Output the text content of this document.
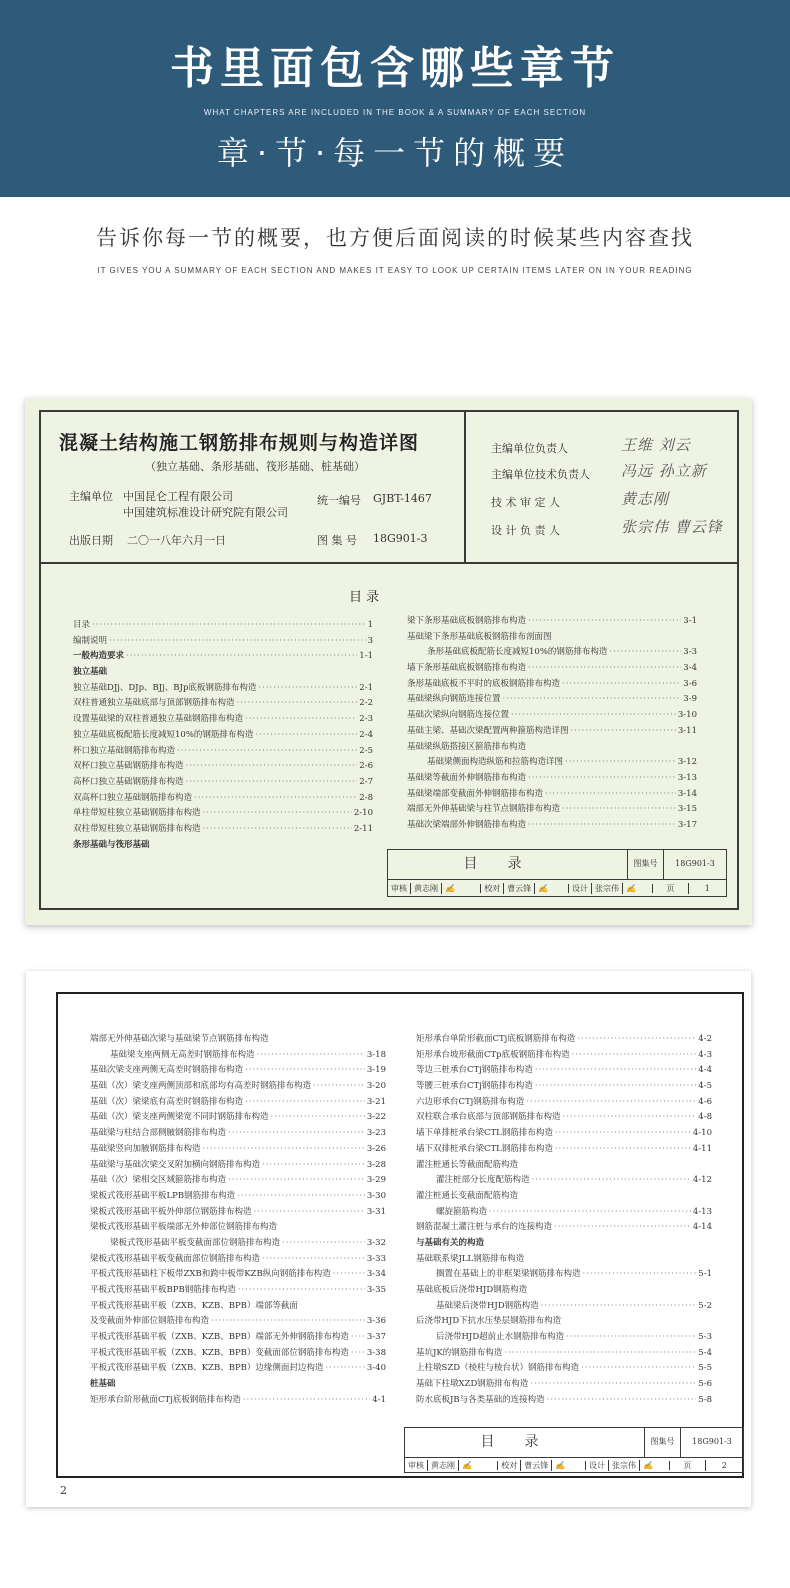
书里面包含哪些章节
WHAT CHAPTERS ARE INCLUDED IN THE BOOK & A SUMMARY OF EACH SECTION
章·节·每一节的概要
告诉你每一节的概要，也方便后面阅读的时候某些内容查找
IT GIVES YOU A SUMMARY OF EACH SECTION AND MAKES IT EASY TO LOOK UP CERTAIN ITEMS LATER ON IN YOUR READING
混凝土结构施工钢筋排布规则与构造详图
（独立基础、条形基础、筏形基础、桩基础）
主编单位 中国昆仑工程有限公司
中国建筑标准设计研究院有限公司
统一编号 GJBT-1467
出版日期 二〇一八年六月一日	图 集 号 18G901-3
主编单位负责人	王维 刘云
主编单位技术负责人 冯远 孙立新
技 术 审 定 人	黄志刚
设 计 负 责 人	张宗伟 曹云锋
目 录
目录 ·····	1
编制说明 ·····	3
一般构造要求 ·····	1-1
独立基础
独立基础DJj、DJp、BJj、BJp底板钢筋排布构造 ·····	2-1
双柱普通独立基础底部与顶部钢筋排布构造 ·····	2-2
设置基础梁的双柱普通独立基础钢筋排布构造 ·····	2-3
独立基础底板配筋长度减短10%的钢筋排布构造 ·····	2-4
杯口独立基础钢筋排布构造 ·····	2-5
双杯口独立基础钢筋排布构造 ·····	2-6
高杯口独立基础钢筋排布构造 ·····	2-7
双高杯口独立基础钢筋排布构造 ·····	2-8
单柱带短柱独立基础钢筋排布构造 ·····	2-10
双柱带短柱独立基础钢筋排布构造 ·····	2-11
条形基础与筏形基础
梁下条形基础底板钢筋排布构造 ·····	3-1
基础梁下条形基础底板钢筋排布剖面图
条形基础底板配筋长度减短10%的钢筋排布构造 ·····	3-3
墙下条形基础底板钢筋排布构造 ·····	3-4
条形基础底板不平时的底板钢筋排布构造 ·····	3-6
基础梁纵向钢筋连接位置 ·····	3-9
基础次梁纵向钢筋连接位置 ·····	3-10
基础主梁、基础次梁配置两种箍筋构造详图 ·····	3-11
基础梁纵筋搭接区箍筋排布构造
基础梁侧面构造纵筋和拉筋构造详图 ·····	3-12
基础梁等截面外伸钢筋排布构造 ·····	3-13
基础梁端部变截面外伸钢筋排布构造 ·····	3-14
端部无外伸基础梁与柱节点钢筋排布构造 ·····	3-15
基础次梁端部外伸钢筋排布构造 ·····	3-17
目录	图集号	18G901-3
审核 黄志刚 ✍	校对 曹云锋 ✍	设计 张宗伟 ✍	页	1
端部无外伸基础次梁与基础梁节点钢筋排布构造
基础梁支座两侧无高差时钢筋排布构造 ·····	3-18
基础次梁支座两侧无高差时钢筋排布构造 ·····	3-19
基础（次）梁支座两侧顶部和底部均有高差时钢筋排布构造 ·····	3-20
基础（次）梁梁底有高差时钢筋排布构造 ·····	3-21
基础（次）梁支座两侧梁宽不同时钢筋排布构造 ·····	3-22
基础梁与柱结合部侧腋钢筋排布构造 ·····	3-23
基础梁竖向加腋钢筋排布构造 ·····	3-26
基础梁与基础次梁交叉附加横向钢筋排布构造 ·····	3-28
基础（次）梁相交区域箍筋排布构造 ·····	3-29
梁板式筏形基础平板LPB钢筋排布构造 ·····	3-30
梁板式筏形基础平板外伸部位钢筋排布构造 ·····	3-31
梁板式筏形基础平板端部无外伸部位钢筋排布构造
梁板式筏形基础平板变截面部位钢筋排布构造 ·····	3-32
梁板式筏形基础平板变截面部位钢筋排布构造 ·····	3-33
平板式筏形基础柱下板带ZXB和跨中板带KZB纵向钢筋排布构造 ·····	3-34
平板式筏形基础平板BPB钢筋排布构造 ·····	3-35
平板式筏形基础平板（ZXB、KZB、BPB）端部等截面
及变截面外伸部位钢筋排布构造 ·····	3-36
平板式筏形基础平板（ZXB、KZB、BPB）端部无外伸钢筋排布构造 ····· 3-37
平板式筏形基础平板（ZXB、KZB、BPB）变截面部位钢筋排布构造 ····· 3-38
平板式筏形基础平板（ZXB、KZB、BPB）边缘侧面封边构造 ·····	3-40
桩基础
矩形承台阶形截面CTj底板钢筋排布构造 ·····	4-1
矩形承台单阶形截面CTj底板钢筋排布构造 ·····	4-2
矩形承台坡形截面CTp底板钢筋排布构造 ·····	4-3
等边三桩承台CTj钢筋排布构造 ·····	4-4
等腰三桩承台CTj钢筋排布构造 ·····	4-5
六边形承台CTj钢筋排布构造 ·····	4-6
双柱联合承台底部与顶部钢筋排布构造 ·····	4-8
墙下单排桩承台梁CTL钢筋排布构造 ·····	4-10
墙下双排桩承台梁CTL钢筋排布构造 ·····	4-11
灌注桩通长等截面配筋构造
灌注桩部分长度配筋构造 ·····	4-12
灌注桩通长变截面配筋构造
螺旋箍筋构造 ·····	4-13
钢筋混凝土灌注桩与承台的连接构造 ·····	4-14
与基础有关的构造
基础联系梁JLL钢筋排布构造
搁置在基础上的非框架梁钢筋排布构造 ·····	5-1
基础底板后浇带HJD钢筋构造
基础梁后浇带HJD钢筋构造 ·····	5-2
后浇带HJD下抗水压垫层钢筋排布构造
后浇带HJD超前止水钢筋排布构造 ·····	5-3
基坑JK的钢筋排布构造 ·····	5-4
上柱墩SZD（棱柱与棱台状）钢筋排布构造 ·····	5-5
基础下柱墩XZD钢筋排布构造 ·····	5-6
防水底板JB与各类基础的连接构造 ·····	5-8
目录	图集号	18G901-3
审核 黄志刚 ✍	校对 曹云锋 ✍	设计 张宗伟 ✍	页	2
2
